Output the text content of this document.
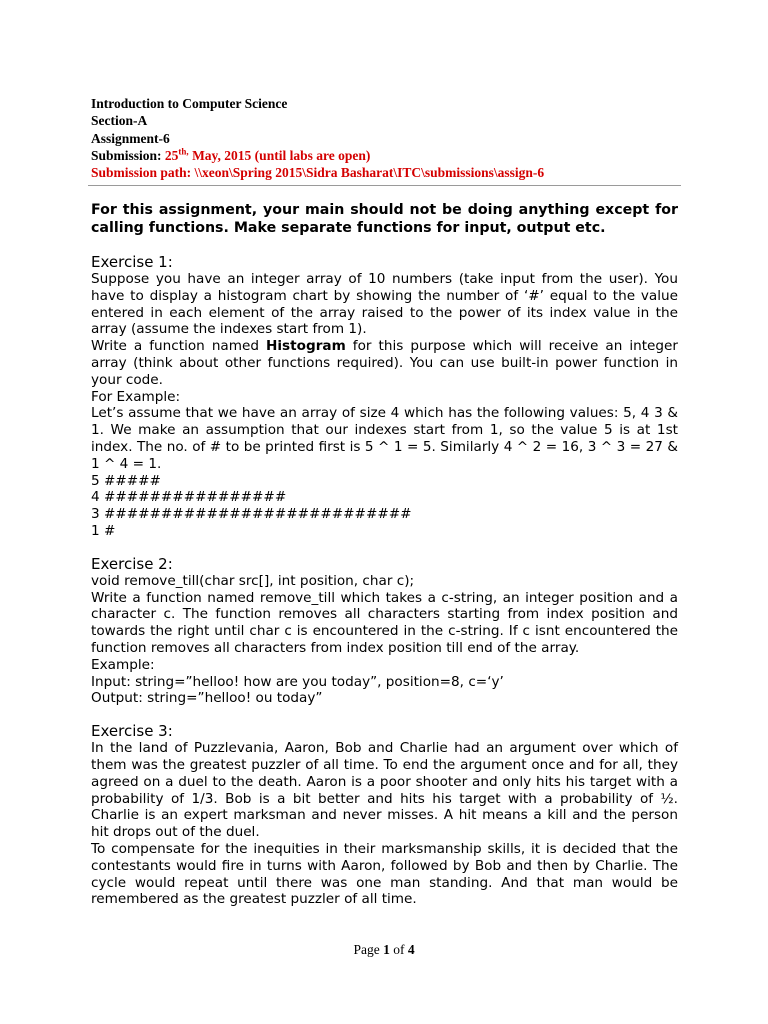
Introduction to Computer Science
Section-A
Assignment-6
Submission: $25^{th,}$ May, 2015 (until labs are open)
Submission path: \\xeon\Spring 2015\Sidra Basharat\ITC\submissions\assign-6

For this assignment, your main should not be doing anything except for calling functions. Make separate functions for input, output etc.

Exercise 1:

Suppose you have an integer array of 10 numbers (take input from the user). You have to display a histogram chart by showing the number of ‘#’ equal to the value entered in each element of the array raised to the power of its index value in the array (assume the indexes start from 1).

Write a function named Histogram for this purpose which will receive an integer array (think about other functions required). You can use built-in power function in your code.

For Example:

Let’s assume that we have an array of size 4 which has the following values: 5, 4 3 & 1. We make an assumption that our indexes start from 1, so the value 5 is at 1st index. The no. of # to be printed first is 5 ^ 1 = 5. Similarly 4 ^ 2 = 16, 3 ^ 3 = 27 & 1 ^ 4 = 1.

5 #####
4 ################
3 ###########################
1 #
Exercise 2:
void remove_till(char src[], int position, char c);

Write a function named remove_till which takes a c-string, an integer position and a character c. The function removes all characters starting from index position and towards the right until char c is encountered in the c-string. If c isnt encountered the function removes all characters from index position till end of the array.

Example:
Input: string=”helloo! how are you today”, position=8, c=‘y’
Output: string=”helloo! ou today”
Exercise 3:

In the land of Puzzlevania, Aaron, Bob and Charlie had an argument over which of them was the greatest puzzler of all time. To end the argument once and for all, they agreed on a duel to the death. Aaron is a poor shooter and only hits his target with a probability of 1/3. Bob is a bit better and hits his target with a probability of ½. Charlie is an expert marksman and never misses. A hit means a kill and the person hit drops out of the duel.

To compensate for the inequities in their marksmanship skills, it is decided that the contestants would fire in turns with Aaron, followed by Bob and then by Charlie. The cycle would repeat until there was one man standing. And that man would be remembered as the greatest puzzler of all time.

Page 1 of 4
